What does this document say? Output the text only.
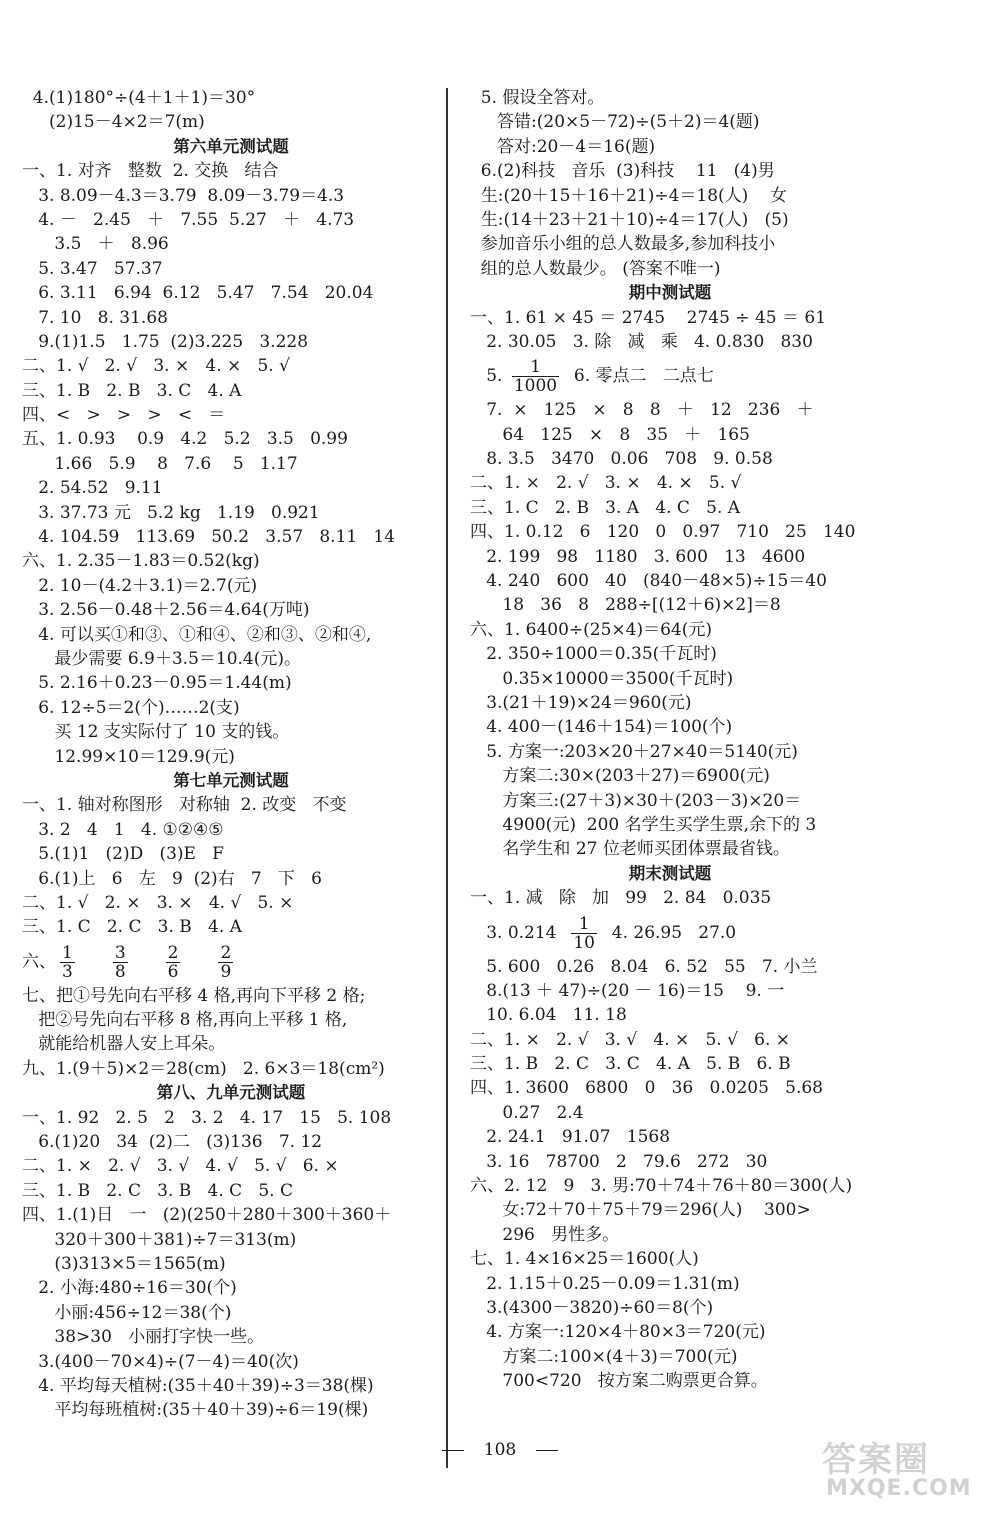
4.(1)180°÷(4＋1＋1)＝30°
(2)15－4×2＝7(m)
第六单元测试题
一、1. 对齐   整数  2. 交换   结合
3. 8.09－4.3＝3.79  8.09－3.79＝4.3
4. －   2.45   ＋   7.55  5.27   ＋   4.73
3.5   ＋   8.96
5. 3.47   57.37
6. 3.11   6.94  6.12   5.47   7.54   20.04
7. 10   8. 31.68
9.(1)1.5   1.75  (2)3.225   3.228
二、1. √   2. √   3. ×   4. ×   5. √
三、1. B   2. B   3. C   4. A
四、<   >   >   >   <   ＝
五、1. 0.93    0.9   4.2   5.2   3.5   0.99
1.66   5.9    8   7.6    5   1.17
2. 54.52   9.11
3. 37.73 元   5.2 kg   1.19   0.921
4. 104.59   113.69   50.2   3.57   8.11   14
六、1. 2.35－1.83＝0.52(kg)
2. 10－(4.2＋3.1)＝2.7(元)
3. 2.56－0.48＋2.56＝4.64(万吨)
4. 可以买①和③、①和④、②和③、②和④,
最少需要 6.9＋3.5＝10.4(元)。
5. 2.16＋0.23－0.95＝1.44(m)
6. 12÷5＝2(个)……2(支)
买 12 支实际付了 10 支的钱。
12.99×10＝129.9(元)
第七单元测试题
一、1. 轴对称图形   对称轴  2. 改变   不变
3. 2   4   1   4. ①②④⑤
5.(1)1   (2)D   (3)E   F
6.(1)上   6   左   9  (2)右   7   下   6
二、1. √   2. ×   3. ×   4. √   5. ×
三、1. C   2. C   3. B   4. A
六、 $\frac{1}{3} \frac{3}{8} \frac{2}{6} \frac{2}{9}$
七、把①号先向右平移 4 格,再向下平移 2 格;
把②号先向右平移 8 格,再向上平移 1 格,
就能给机器人安上耳朵。
九、1.(9＋5)×2＝28(cm)   2. 6×3＝18(cm²)
第八、九单元测试题
一、1. 92   2. 5   2   3. 2   4. 17   15   5. 108
6.(1)20   34  (2)二   (3)136   7. 12
二、1. ×   2. √   3. √   4. √   5. √   6. ×
三、1. B   2. C   3. B   4. C   5. C
四、1.(1)日   一   (2)(250＋280＋300＋360＋
320＋300＋381)÷7＝313(m)
(3)313×5＝1565(m)
2. 小海:480÷16＝30(个)
小丽:456÷12＝38(个)
38>30   小丽打字快一些。
3.(400－70×4)÷(7－4)＝40(次)
4. 平均每天植树:(35＋40＋39)÷3＝38(棵)
平均每班植树:(35＋40＋39)÷6＝19(棵)
5. 假设全答对。
答错:(20×5－72)÷(5＋2)＝4(题)
答对:20－4＝16(题)
6.(2)科技   音乐  (3)科技    11   (4)男
生:(20＋15＋16＋21)÷4＝18(人)    女
生:(14＋23＋21＋10)÷4＝17(人)   (5)
参加音乐小组的总人数最多,参加科技小
组的总人数最少。 (答案不唯一)
期中测试题
一、1. 61 × 45 ＝ 2745    2745 ÷ 45 ＝ 61
2. 30.05   3. 除   减   乘   4. 0.830   830
5. $\frac{1}{1000} 6$. 零点二   二点七
7.  ×   125   ×   8   8   ＋   12   236   ＋
64   125   ×   8   35   ＋   165
8. 3.5   3470   0.06   708   9. 0.58
二、1. ×   2. √   3. ×   4. ×   5. √
三、1. C   2. B   3. A   4. C   5. A
四、1. 0.12   6   120   0   0.97   710   25   140
2. 199   98   1180   3. 600   13   4600
4. 240   600   40   (840－48×5)÷15＝40
18   36   8   288÷[(12＋6)×2]＝8
六、1. 6400÷(25×4)＝64(元)
2. 350÷1000＝0.35(千瓦时)
0.35×10000＝3500(千瓦时)
3.(21＋19)×24＝960(元)
4. 400－(146＋154)＝100(个)
5. 方案一:203×20＋27×40＝5140(元)
方案二:30×(203＋27)＝6900(元)
方案三:(27＋3)×30＋(203－3)×20＝
4900(元)  200 名学生买学生票,余下的 3
名学生和 27 位老师买团体票最省钱。
期末测试题
一、1. 减   除   加   99   2. 84   0.035
3. $0.214 \frac{1}{10} 4$. 26.95   27.0
5. 600   0.26   8.04   6. 52   55   7. 小兰
8.(13 ＋ 47)÷(20 － 16)＝15    9. 一
10. 6.04   11. 18
二、1. ×   2. √   3. √   4. ×   5. √   6. ×
三、1. B   2. C   3. C   4. A   5. B   6. B
四、1. 3600   6800   0   36   0.0205   5.68
0.27   2.4
2. 24.1   91.07   1568
3. 16   78700   2   79.6   272   30
六、2. 12   9   3. 男:70＋74＋76＋80＝300(人)
女:72＋70＋75＋79＝296(人)    300>
296   男性多。
七、1. 4×16×25＝1600(人)
2. 1.15＋0.25－0.09＝1.31(m)
3.(4300－3820)÷60＝8(个)
4. 方案一:120×4＋80×3＝720(元)
方案二:100×(4＋3)＝700(元)
700<720   按方案二购票更合算。
108	答案圈
MXQE.COM
